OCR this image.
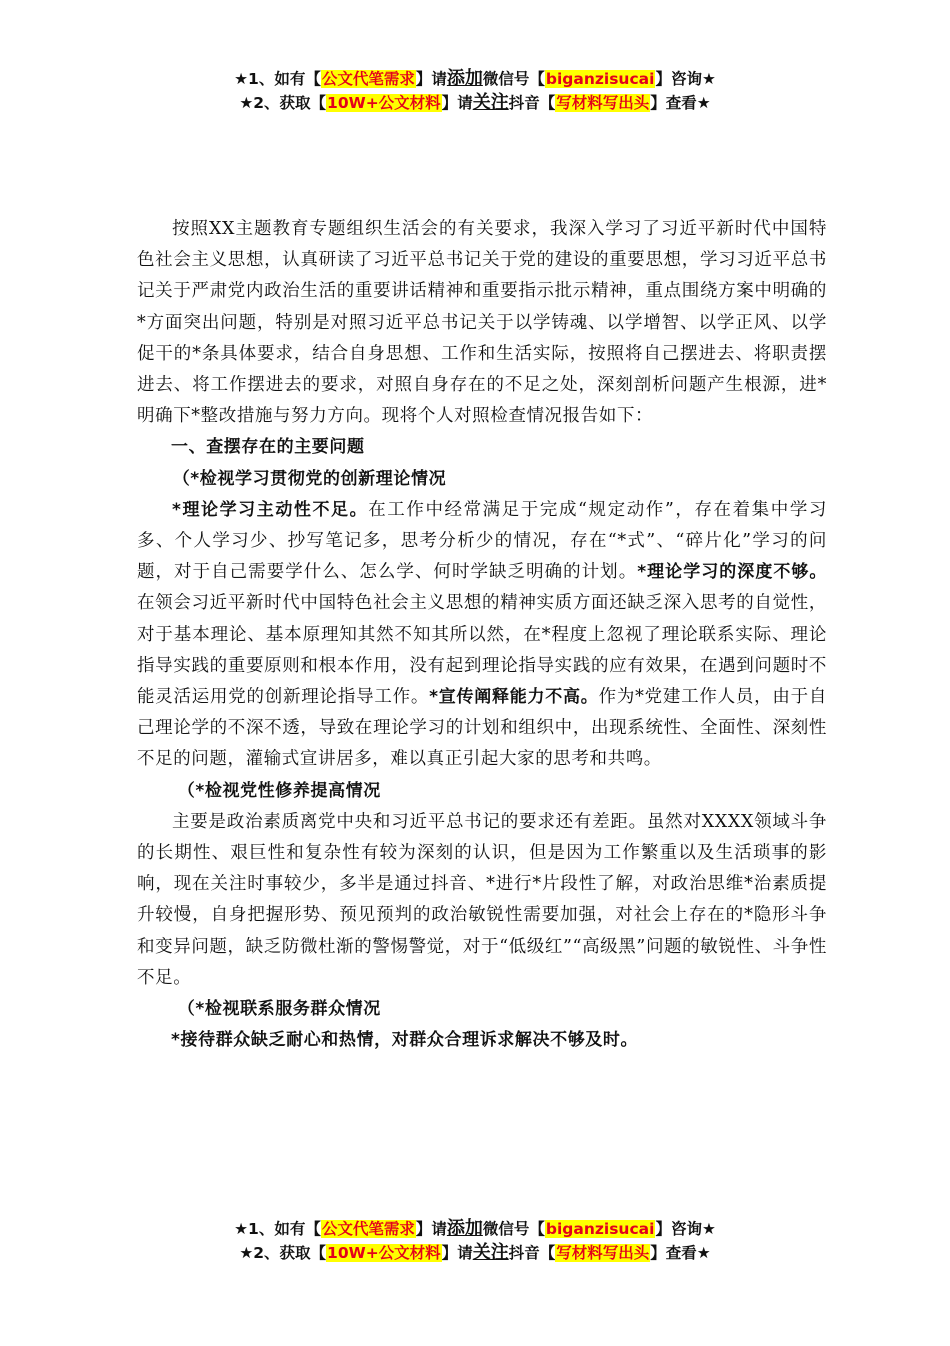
★1、如有【公文代笔需求】请添加微信号【biganzisucai】咨询★
★2、获取【10W+公文材料】请关注抖音【写材料写出头】查看★

按照XX主题教育专题组织生活会的有关要求，我深入学习了习近平新时代中国特色社会主义思想，认真研读了习近平总书记关于党的建设的重要思想，学习习近平总书记关于严肃党内政治生活的重要讲话精神和重要指示批示精神，重点围绕方案中明确的*方面突出问题，特别是对照习近平总书记关于以学铸魂、以学增智、以学正风、以学促干的*条具体要求，结合自身思想、工作和生活实际，按照将自己摆进去、将职责摆进去、将工作摆进去的要求，对照自身存在的不足之处，深刻剖析问题产生根源，进*明确下*整改措施与努力方向。现将个人对照检查情况报告如下：

一、查摆存在的主要问题

（*检视学习贯彻党的创新理论情况

*理论学习主动性不足。在工作中经常满足于完成“规定动作”，存在着集中学习多、个人学习少、抄写笔记多，思考分析少的情况，存在“*式”、“碎片化”学习的问题，对于自己需要学什么、怎么学、何时学缺乏明确的计划。*理论学习的深度不够。在领会习近平新时代中国特色社会主义思想的精神实质方面还缺乏深入思考的自觉性，对于基本理论、基本原理知其然不知其所以然，在*程度上忽视了理论联系实际、理论指导实践的重要原则和根本作用，没有起到理论指导实践的应有效果，在遇到问题时不能灵活运用党的创新理论指导工作。*宣传阐释能力不高。作为*党建工作人员，由于自己理论学的不深不透，导致在理论学习的计划和组织中，出现系统性、全面性、深刻性不足的问题，灌输式宣讲居多，难以真正引起大家的思考和共鸣。

（*检视党性修养提高情况

主要是政治素质离党中央和习近平总书记的要求还有差距。虽然对XXXX领域斗争的长期性、艰巨性和复杂性有较为深刻的认识，但是因为工作繁重以及生活琐事的影响，现在关注时事较少，多半是通过抖音、*进行*片段性了解，对政治思维*治素质提升较慢，自身把握形势、预见预判的政治敏锐性需要加强，对社会上存在的*隐形斗争和变异问题，缺乏防微杜渐的警惕警觉，对于“低级红”“高级黑”问题的敏锐性、斗争性不足。

（*检视联系服务群众情况

*接待群众缺乏耐心和热情，对群众合理诉求解决不够及时。

★1、如有【公文代笔需求】请添加微信号【biganzisucai】咨询★
★2、获取【10W+公文材料】请关注抖音【写材料写出头】查看★
